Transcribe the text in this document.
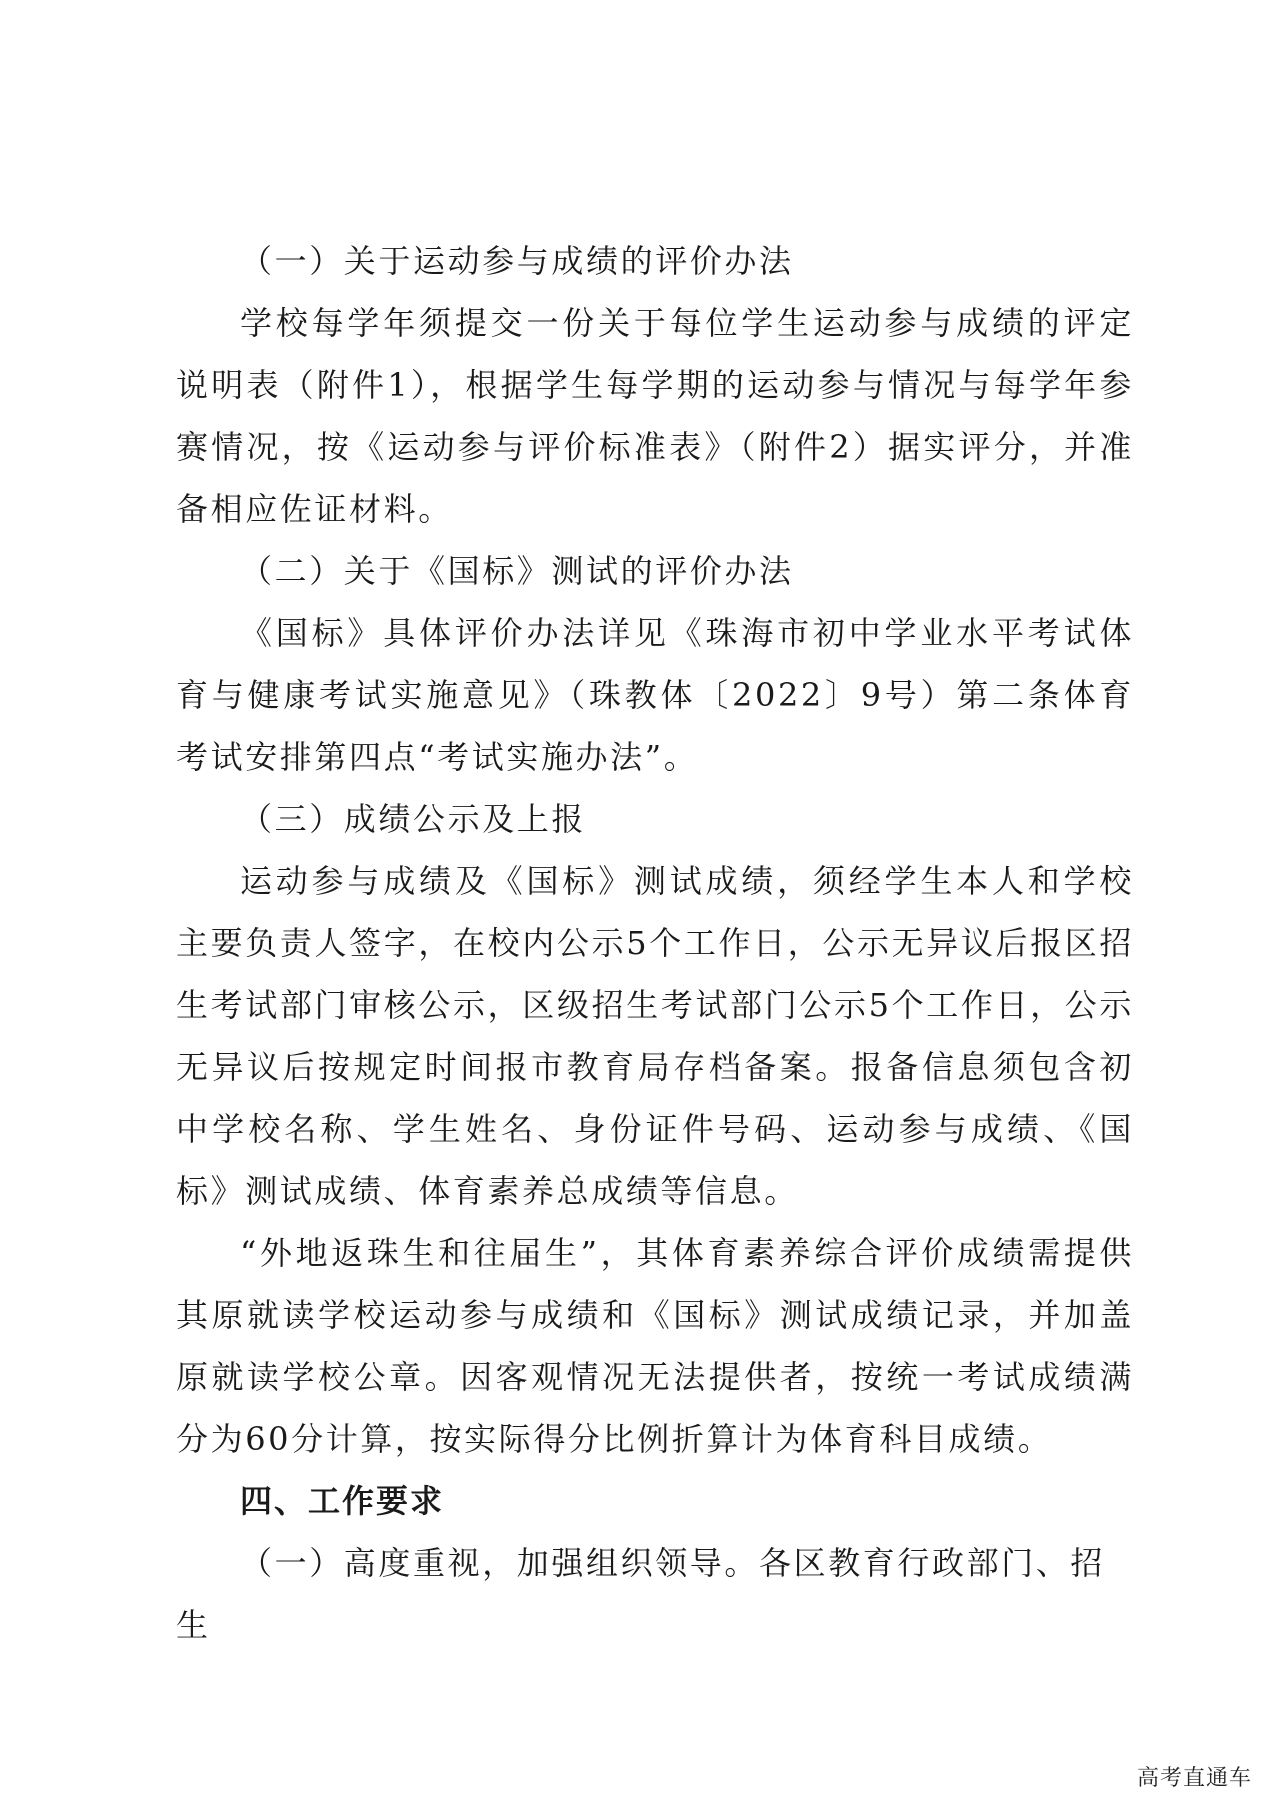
（一）关于运动参与成绩的评价办法

学校每学年须提交一份关于每位学生运动参与成绩的评定说明表（附件1），根据学生每学期的运动参与情况与每学年参赛情况，按《运动参与评价标准表》（附件2）据实评分，并准备相应佐证材料。

（二）关于《国标》测试的评价办法

《国标》具体评价办法详见《珠海市初中学业水平考试体育与健康考试实施意见》（珠教体〔2022〕9号）第二条体育考试安排第四点“考试实施办法”。

（三）成绩公示及上报

运动参与成绩及《国标》测试成绩，须经学生本人和学校主要负责人签字，在校内公示5个工作日，公示无异议后报区招生考试部门审核公示，区级招生考试部门公示5个工作日，公示无异议后按规定时间报市教育局存档备案。报备信息须包含初中学校名称、学生姓名、身份证件号码、运动参与成绩、《国标》测试成绩、体育素养总成绩等信息。

“外地返珠生和往届生”，其体育素养综合评价成绩需提供其原就读学校运动参与成绩和《国标》测试成绩记录，并加盖原就读学校公章。因客观情况无法提供者，按统一考试成绩满分为60分计算，按实际得分比例折算计为体育科目成绩。

四、工作要求

（一）高度重视，加强组织领导。各区教育行政部门、招生

高考直通车
